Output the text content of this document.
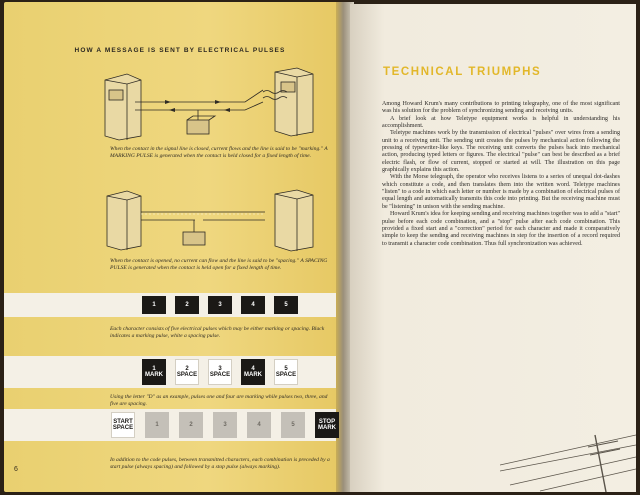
HOW A MESSAGE IS SENT BY ELECTRICAL PULSES
When the contact in the signal line is closed, current flows and the line is said to be "marking." A MARKING PULSE is generated when the contact is held closed for a fixed length of time.
When the contact is opened, no current can flow and the line is said to be "spacing." A SPACING PULSE is generated when the contact is held open for a fixed length of time.
1	2	3	4	5
Each character consists of five electrical pulses which may be either marking or spacing. Black indicates a marking pulse, white a spacing pulse.
1
MARK
2
SPACE
3
SPACE
4
MARK
5
SPACE
Using the letter "D" as an example, pulses one and four are marking while pulses two, three, and five are spacing.
START
SPACE
1	2	3	4	5
STOP
MARK
In addition to the code pulses, between transmitted characters, each combination is preceded by a start pulse (always spacing) and followed by a stop pulse (always marking).
6
TECHNICAL TRIUMPHS

Among Howard Krum's many contributions to printing telegraphy, one of the most significant was his solution for the problem of synchronizing sending and receiving units.

A brief look at how Teletype equipment works is helpful in understanding his accomplishment.

Teletype machines work by the transmission of electrical "pulses" over wires from a sending unit to a receiving unit. The sending unit creates the pulses by mechanical action following the pressing of typewriter-like keys. The receiving unit converts the pulses back into mechanical action, producing typed letters or figures. The electrical "pulse" can best be described as a brief electric flash, or flow of current, stopped or started at will. The illustration on this page graphically explains this action.

With the Morse telegraph, the operator who receives listens to a series of unequal dot-dashes which constitute a code, and then translates them into the written word. Teletype machines "listen" to a code in which each letter or number is made by a combination of electrical pulses of equal length and automatically transmits this code into printing. But the receiving machine must be "listening" in unison with the sending machine.

Howard Krum's idea for keeping sending and receiving machines together was to add a "start" pulse before each code combination, and a "stop" pulse after each code combination. This provided a fixed start and a "correction" period for each character and made it comparatively simple to keep the sending and receiving machines in step for the insertion of a record required to transmit a character code combination. Thus full synchronization was achieved.
